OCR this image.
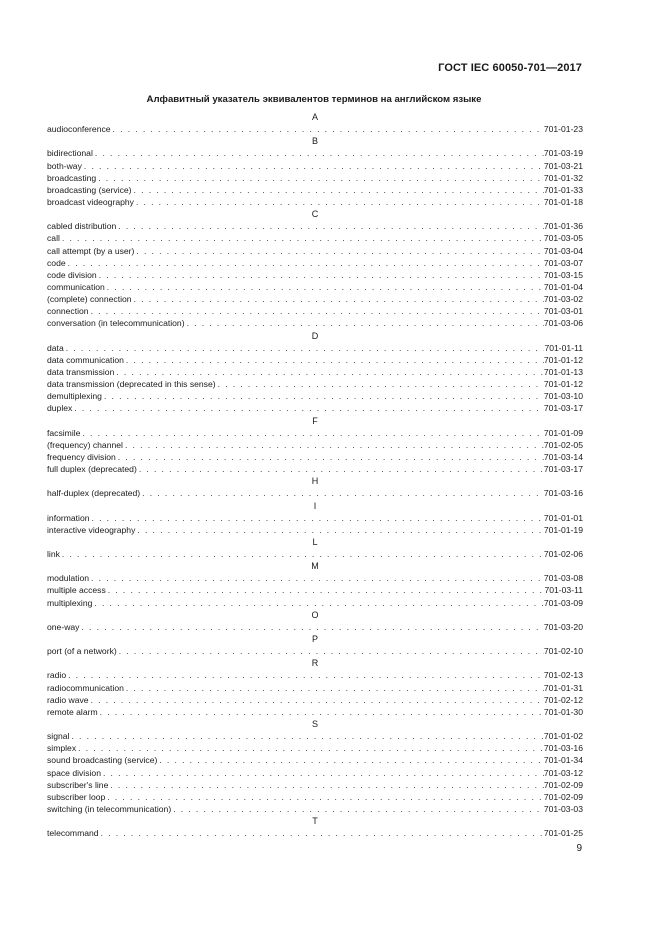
ГОСТ IEC 60050-701—2017
Алфавитный указатель эквивалентов терминов на английском языке
A
audioconference . . .	701-01-23
B
bidirectional . . .	701-03-19
both-way . . .	701-03-21
broadcasting . . .	701-01-32
broadcasting (service) . . .	701-01-33
broadcast videography . . .	701-01-18
C
cabled distribution . . .	701-01-36
call . . .	701-03-05
call attempt (by a user) . . .	701-03-04
code . . .	701-03-07
code division . . .	701-03-15
communication . . .	701-01-04
(complete) connection . . .	701-03-02
connection . . .	701-03-01
conversation (in telecommunication) . . .	701-03-06
D
data . . .	701-01-11
data communication . . .	701-01-12
data transmission . . .	701-01-13
data transmission (deprecated in this sense) . . .	701-01-12
demultiplexing . . .	701-03-10
duplex . . .	701-03-17
F
facsimile . . .	701-01-09
(frequency) channel . . .	701-02-05
frequency division . . .	701-03-14
full duplex (deprecated) . . .	701-03-17
H
half-duplex (deprecated) . . .	701-03-16
I
information . . .	701-01-01
interactive videography . . .	701-01-19
L
link . . .	701-02-06
M
modulation . . .	701-03-08
multiple access . . .	701-03-11
multiplexing . . .	701-03-09
O
one-way . . .	701-03-20
P
port (of a network) . . .	701-02-10
R
radio . . .	701-02-13
radiocommunication . . .	701-01-31
radio wave . . .	701-02-12
remote alarm . . .	701-01-30
S
signal . . .	701-01-02
simplex . . .	701-03-16
sound broadcasting (service) . . .	701-01-34
space division . . .	701-03-12
subscriber's line . . .	701-02-09
subscriber loop . . .	701-02-09
switching (in telecommunication) . . .	701-03-03
T
telecommand . . .	701-01-25
9
